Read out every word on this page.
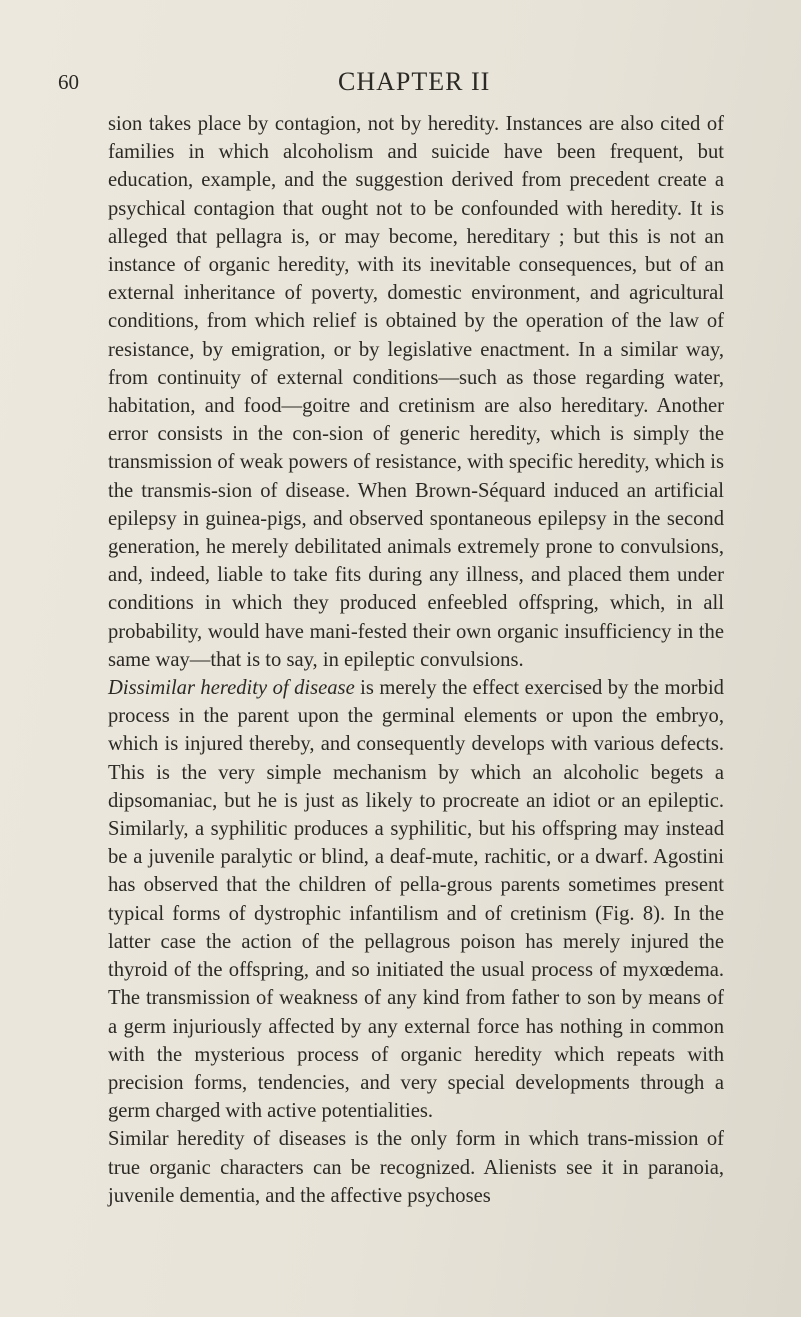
60	CHAPTER II

sion takes place by contagion, not by heredity. Instances are also cited of families in which alcoholism and suicide have been frequent, but education, example, and the suggestion derived from precedent create a psychical contagion that ought not to be confounded with heredity. It is alleged that pellagra is, or may become, hereditary ; but this is not an instance of organic heredity, with its inevitable consequences, but of an external inheritance of poverty, domestic environment, and agricultural conditions, from which relief is obtained by the operation of the law of resistance, by emigration, or by legislative enactment. In a similar way, from continuity of external conditions—such as those regarding water, habitation, and food—goitre and cretinism are also hereditary. Another error consists in the con-sion of generic heredity, which is simply the transmission of weak powers of resistance, with specific heredity, which is the transmis-sion of disease. When Brown-Séquard induced an artificial epilepsy in guinea-pigs, and observed spontaneous epilepsy in the second generation, he merely debilitated animals extremely prone to convulsions, and, indeed, liable to take fits during any illness, and placed them under conditions in which they produced enfeebled offspring, which, in all probability, would have mani-fested their own organic insufficiency in the same way—that is to say, in epileptic convulsions.

Dissimilar heredity of disease is merely the effect exercised by the morbid process in the parent upon the germinal elements or upon the embryo, which is injured thereby, and consequently develops with various defects. This is the very simple mechanism by which an alcoholic begets a dipsomaniac, but he is just as likely to procreate an idiot or an epileptic. Similarly, a syphilitic produces a syphilitic, but his offspring may instead be a juvenile paralytic or blind, a deaf-mute, rachitic, or a dwarf. Agostini has observed that the children of pella-grous parents sometimes present typical forms of dystrophic infantilism and of cretinism (Fig. 8). In the latter case the action of the pellagrous poison has merely injured the thyroid of the offspring, and so initiated the usual process of myxœdema. The transmission of weakness of any kind from father to son by means of a germ injuriously affected by any external force has nothing in common with the mysterious process of organic heredity which repeats with precision forms, tendencies, and very special developments through a germ charged with active potentialities.

Similar heredity of diseases is the only form in which trans-mission of true organic characters can be recognized. Alienists see it in paranoia, juvenile dementia, and the affective psychoses
